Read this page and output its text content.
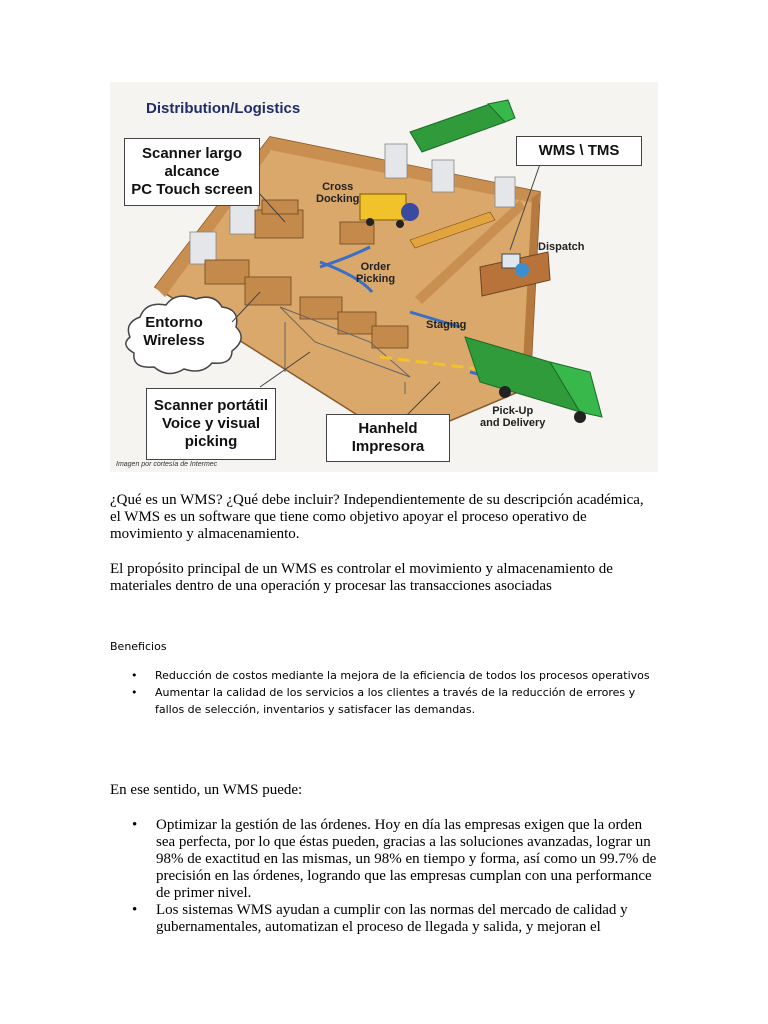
Distribution/Logistics
Scanner largo
alcance
PC Touch screen
WMS \ TMS
Entorno
Wireless
Scanner portátil
Voice y visual
picking
Hanheld
Impresora
Cross
Docking
Order
Picking
Staging
Dispatch
Pick-Up
and Delivery
Imagen por cortesía de Intermec

¿Qué es un WMS? ¿Qué debe incluir? Independientemente de su descripción académica, el WMS es un software que tiene como objetivo apoyar el proceso operativo de movimiento y almacenamiento.

El propósito principal de un WMS es controlar el movimiento y almacenamiento de materiales dentro de una operación y procesar las transacciones asociadas

Beneficios
• Reducción de costos mediante la mejora de la eficiencia de todos los procesos operativos
• Aumentar la calidad de los servicios a los clientes a través de la reducción de errores y fallos de selección, inventarios y satisfacer las demandas.

En ese sentido, un WMS puede:

• Optimizar la gestión de las órdenes. Hoy en día las empresas exigen que la orden sea perfecta, por lo que éstas pueden, gracias a las soluciones avanzadas, lograr un 98% de exactitud en las mismas, un 98% en tiempo y forma, así como un 99.7% de precisión en las órdenes, logrando que las empresas cumplan con una performance de primer nivel.
• Los sistemas WMS ayudan a cumplir con las normas del mercado de calidad y gubernamentales, automatizan el proceso de llegada y salida, y mejoran el
